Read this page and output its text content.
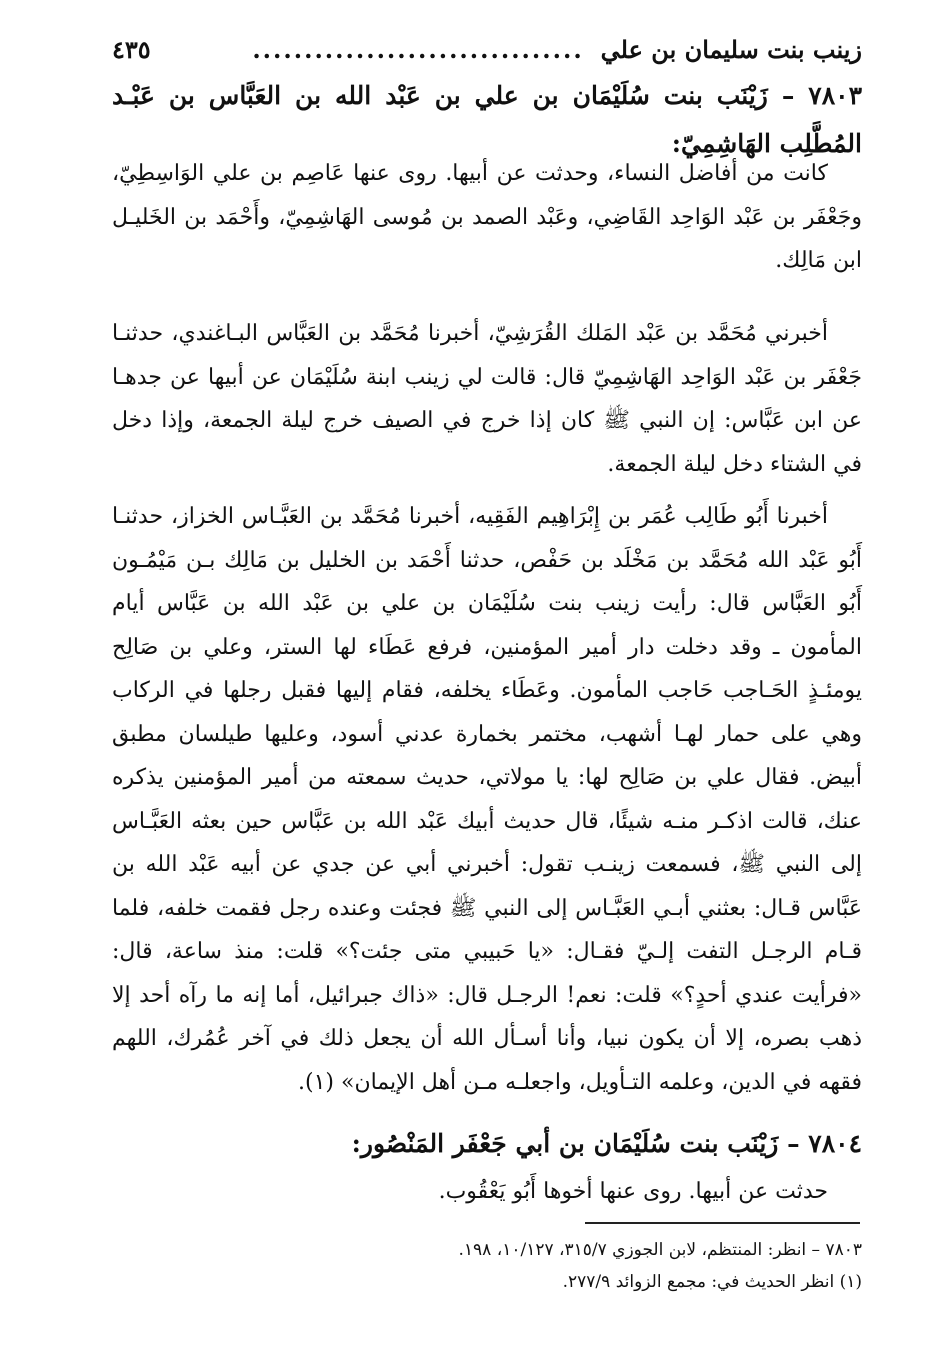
زينب بنت سليمان بن علي
................................
٤٣٥
٧٨٠٣ – زَيْنَب بنت سُلَيْمَان بن علي بن عَبْد الله بن العَبَّاس بن عَبْـد المُطَّلِب الهَاشِمِيّ:

كانت من أفاضل النساء، وحدثت عن أبيها. روى عنها عَاصِم بن علي الوَاسِطِيّ، وجَعْفَر بن عَبْد الوَاحِد القَاضِي، وعَبْد الصمد بن مُوسى الهَاشِمِيّ، وأَحْمَد بن الخَليـل ابن مَالِك.

أخبرني مُحَمَّد بن عَبْد المَلك القُرَشِيّ، أخبرنا مُحَمَّد بن العَبَّاس البـاغندي، حدثنـا جَعْفَر بن عَبْد الوَاحِد الهَاشِمِيّ قال: قالت لي زينب ابنة سُلَيْمَان عن أبيها عن جدهـا عن ابن عَبَّاس: إن النبي ﷺ كان إذا خرج في الصيف خرج ليلة الجمعة، وإذا دخل في الشتاء دخل ليلة الجمعة.

أخبرنا أَبُو طَالِب عُمَر بن إِبْرَاهِيم الفَقِيه، أخبرنا مُحَمَّد بن العَبَّـاس الخزاز، حدثنـا أَبُو عَبْد الله مُحَمَّد بن مَخْلَد بن حَفْص، حدثنا أَحْمَد بن الخليل بن مَالِك بـن مَيْمُـون أَبُو العَبَّاس قال: رأيت زينب بنت سُلَيْمَان بن علي بن عَبْد الله بن عَبَّاس أيام المأمون ـ وقد دخلت دار أمير المؤمنين، فرفع عَطَاء لها الستر، وعلي بن صَالِح يومئـذٍ الحَـاجب حَاجب المأمون. وعَطَاء يخلفه، فقام إليها فقبل رجلها في الركاب وهي على حمار لهـا أشهب، مختمر بخمارة عدني أسود، وعليها طيلسان مطبق أبيض. فقال علي بن صَالِح لها: يا مولاتي، حديث سمعته من أمير المؤمنين يذكره عنك، قالت اذكـر منـه شيئًا، قال حديث أبيك عَبْد الله بن عَبَّاس حين بعثه العَبَّـاس إلى النبي ﷺ، فسمعت زينـب تقول: أخبرني أبي عن جدي عن أبيه عَبْد الله بن عَبَّاس قـال: بعثني أبـي العَبَّـاس إلى النبي ﷺ فجئت وعنده رجل فقمت خلفه، فلما قـام الرجـل التفت إلـيّ فقـال: «يا حَبيبي متى جئت؟» قلت: منذ ساعة، قال: «فرأيت عندي أحدٍ؟» قلت: نعم! الرجـل قال: «ذاك جبرائيل، أما إنه ما رآه أحد إلا ذهب بصره، إلا أن يكون نبيا، وأنا أسـأل الله أن يجعل ذلك في آخر عُمُرك، اللهم فقهه في الدين، وعلمه التـأويل، واجعلـه مـن أهل الإيمان» (١).

٧٨٠٤ – زَيْنَب بنت سُلَيْمَان بن أبي جَعْفَر المَنْصُور:

حدثت عن أبيها. روى عنها أخوها أَبُو يَعْقُوب.

٧٨٠٣ – انظر: المنتظم، لابن الجوزي ٣١٥/٧، ١٠/١٢٧، ١٩٨.
(١) انظر الحديث في: مجمع الزوائد ٢٧٧/٩.
